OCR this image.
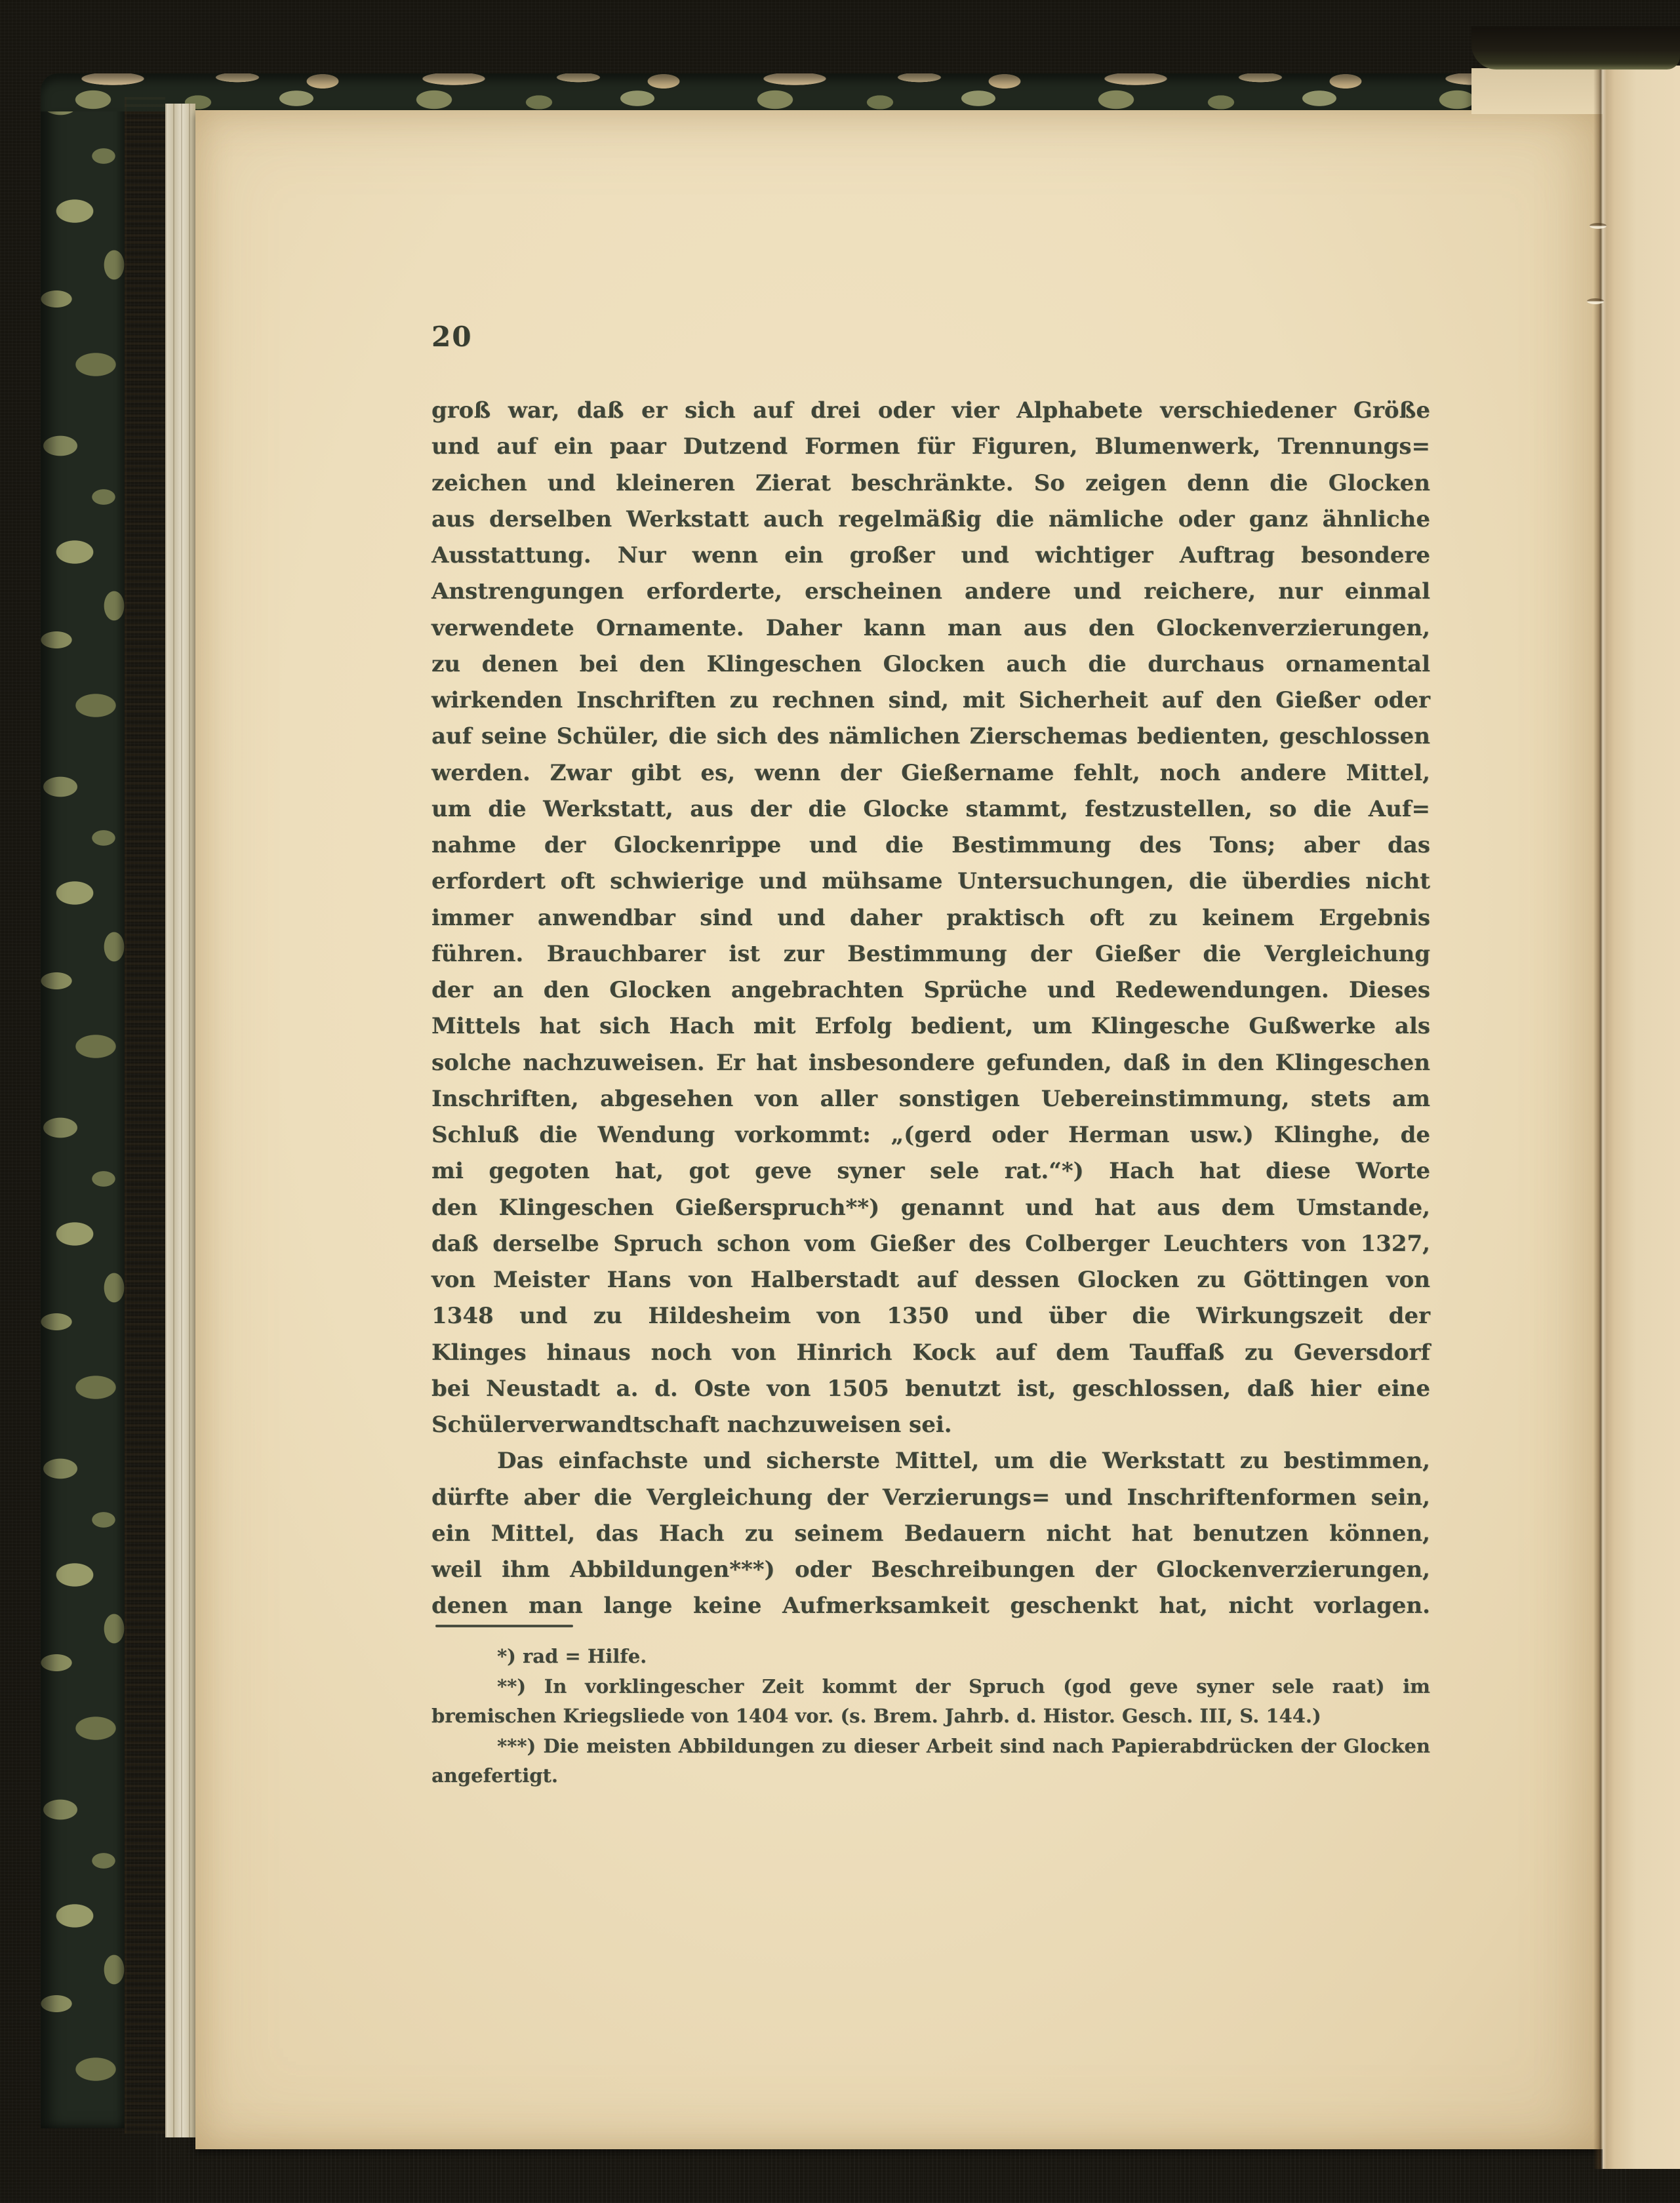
20
groß war, daß er sich auf drei oder vier Alphabete verschiedener Größe
und auf ein paar Dutzend Formen für Figuren, Blumenwerk, Trennungs=
zeichen und kleineren Zierat beschränkte. So zeigen denn die Glocken
aus derselben Werkstatt auch regelmäßig die nämliche oder ganz ähnliche
Ausstattung. Nur wenn ein großer und wichtiger Auftrag besondere
Anstrengungen erforderte, erscheinen andere und reichere, nur einmal
verwendete Ornamente. Daher kann man aus den Glockenverzierungen,
zu denen bei den Klingeschen Glocken auch die durchaus ornamental
wirkenden Inschriften zu rechnen sind, mit Sicherheit auf den Gießer oder
auf seine Schüler, die sich des nämlichen Zierschemas bedienten, geschlossen
werden. Zwar gibt es, wenn der Gießername fehlt, noch andere Mittel,
um die Werkstatt, aus der die Glocke stammt, festzustellen, so die Auf=
nahme der Glockenrippe und die Bestimmung des Tons; aber das
erfordert oft schwierige und mühsame Untersuchungen, die überdies nicht
immer anwendbar sind und daher praktisch oft zu keinem Ergebnis
führen. Brauchbarer ist zur Bestimmung der Gießer die Vergleichung
der an den Glocken angebrachten Sprüche und Redewendungen. Dieses
Mittels hat sich Hach mit Erfolg bedient, um Klingesche Gußwerke als
solche nachzuweisen. Er hat insbesondere gefunden, daß in den Klingeschen
Inschriften, abgesehen von aller sonstigen Uebereinstimmung, stets am
Schluß die Wendung vorkommt: „(gerd oder Herman usw.) Klinghe, de
mi gegoten hat, got geve syner sele rat.“*) Hach hat diese Worte
den Klingeschen Gießerspruch**) genannt und hat aus dem Umstande,
daß derselbe Spruch schon vom Gießer des Colberger Leuchters von 1327,
von Meister Hans von Halberstadt auf dessen Glocken zu Göttingen von
1348 und zu Hildesheim von 1350 und über die Wirkungszeit der
Klinges hinaus noch von Hinrich Kock auf dem Tauffaß zu Geversdorf
bei Neustadt a. d. Oste von 1505 benutzt ist, geschlossen, daß hier eine
Schülerverwandtschaft nachzuweisen sei.
Das einfachste und sicherste Mittel, um die Werkstatt zu bestimmen,
dürfte aber die Vergleichung der Verzierungs= und Inschriftenformen sein,
ein Mittel, das Hach zu seinem Bedauern nicht hat benutzen können,
weil ihm Abbildungen***) oder Beschreibungen der Glockenverzierungen,
denen man lange keine Aufmerksamkeit geschenkt hat, nicht vorlagen.
*) rad = Hilfe.
**) In vorklingescher Zeit kommt der Spruch (god geve syner sele raat) im
bremischen Kriegsliede von 1404 vor. (s. Brem. Jahrb. d. Histor. Gesch. III, S. 144.)
***) Die meisten Abbildungen zu dieser Arbeit sind nach Papierabdrücken der Glocken
angefertigt.
